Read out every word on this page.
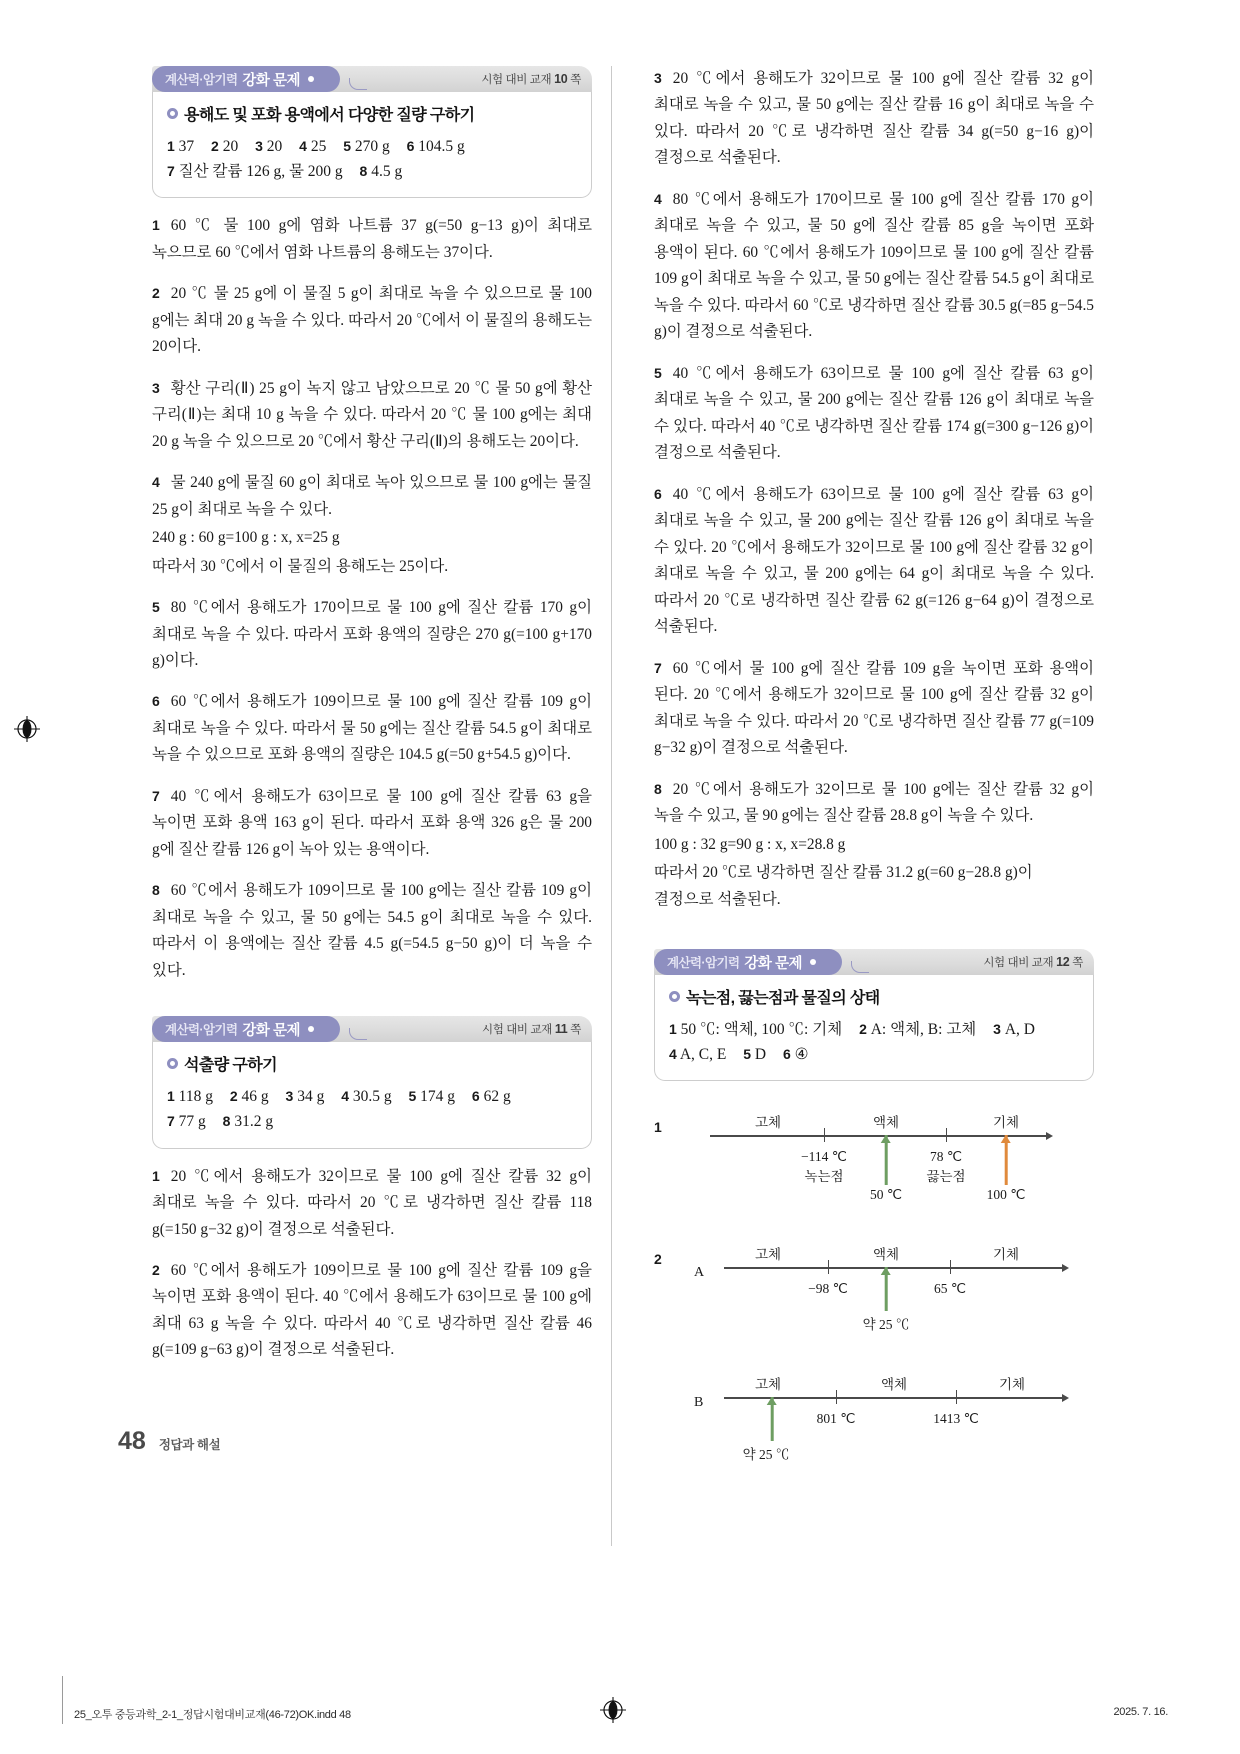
계산력·암기력 강화 문제	시험 대비 교재 10 쪽
용해도 및 포화 용액에서 다양한 질량 구하기
1 37 2 20 3 20 4 25 5 270 g 6 104.5 g
7 질산 칼륨 126 g, 물 200 g 8 4.5 g

1 60 ℃ 물 100 g에 염화 나트륨 37 g(=50 g−13 g)이 최대로 녹으므로 60 ℃에서 염화 나트륨의 용해도는 37이다.

2 20 ℃ 물 25 g에 이 물질 5 g이 최대로 녹을 수 있으므로 물 100 g에는 최대 20 g 녹을 수 있다. 따라서 20 ℃에서 이 물질의 용해도는 20이다.

3 황산 구리(Ⅱ) 25 g이 녹지 않고 남았으므로 20 ℃ 물 50 g에 황산 구리(Ⅱ)는 최대 10 g 녹을 수 있다. 따라서 20 ℃ 물 100 g에는 최대 20 g 녹을 수 있으므로 20 ℃에서 황산 구리(Ⅱ)의 용해도는 20이다.

4 물 240 g에 물질 60 g이 최대로 녹아 있으므로 물 100 g에는 물질 25 g이 최대로 녹을 수 있다.

240 g : 60 g=100 g : x, x=25 g

따라서 30 ℃에서 이 물질의 용해도는 25이다.

5 80 ℃에서 용해도가 170이므로 물 100 g에 질산 칼륨 170 g이 최대로 녹을 수 있다. 따라서 포화 용액의 질량은 270 g(=100 g+170 g)이다.

6 60 ℃에서 용해도가 109이므로 물 100 g에 질산 칼륨 109 g이 최대로 녹을 수 있다. 따라서 물 50 g에는 질산 칼륨 54.5 g이 최대로 녹을 수 있으므로 포화 용액의 질량은 104.5 g(=50 g+54.5 g)이다.

7 40 ℃에서 용해도가 63이므로 물 100 g에 질산 칼륨 63 g을 녹이면 포화 용액 163 g이 된다. 따라서 포화 용액 326 g은 물 200 g에 질산 칼륨 126 g이 녹아 있는 용액이다.

8 60 ℃에서 용해도가 109이므로 물 100 g에는 질산 칼륨 109 g이 최대로 녹을 수 있고, 물 50 g에는 54.5 g이 최대로 녹을 수 있다. 따라서 이 용액에는 질산 칼륨 4.5 g(=54.5 g−50 g)이 더 녹을 수 있다.

계산력·암기력 강화 문제	시험 대비 교재 11 쪽
석출량 구하기
1 118 g 2 46 g 3 34 g 4 30.5 g 5 174 g 6 62 g
7 77 g 8 31.2 g

1 20 ℃에서 용해도가 32이므로 물 100 g에 질산 칼륨 32 g이 최대로 녹을 수 있다. 따라서 20 ℃로 냉각하면 질산 칼륨 118 g(=150 g−32 g)이 결정으로 석출된다.

2 60 ℃에서 용해도가 109이므로 물 100 g에 질산 칼륨 109 g을 녹이면 포화 용액이 된다. 40 ℃에서 용해도가 63이므로 물 100 g에 최대 63 g 녹을 수 있다. 따라서 40 ℃로 냉각하면 질산 칼륨 46 g(=109 g−63 g)이 결정으로 석출된다.

3 20 ℃에서 용해도가 32이므로 물 100 g에 질산 칼륨 32 g이 최대로 녹을 수 있고, 물 50 g에는 질산 칼륨 16 g이 최대로 녹을 수 있다. 따라서 20 ℃로 냉각하면 질산 칼륨 34 g(=50 g−16 g)이 결정으로 석출된다.

4 80 ℃에서 용해도가 170이므로 물 100 g에 질산 칼륨 170 g이 최대로 녹을 수 있고, 물 50 g에 질산 칼륨 85 g을 녹이면 포화 용액이 된다. 60 ℃에서 용해도가 109이므로 물 100 g에 질산 칼륨 109 g이 최대로 녹을 수 있고, 물 50 g에는 질산 칼륨 54.5 g이 최대로 녹을 수 있다. 따라서 60 ℃로 냉각하면 질산 칼륨 30.5 g(=85 g−54.5 g)이 결정으로 석출된다.

5 40 ℃에서 용해도가 63이므로 물 100 g에 질산 칼륨 63 g이 최대로 녹을 수 있고, 물 200 g에는 질산 칼륨 126 g이 최대로 녹을 수 있다. 따라서 40 ℃로 냉각하면 질산 칼륨 174 g(=300 g−126 g)이 결정으로 석출된다.

6 40 ℃에서 용해도가 63이므로 물 100 g에 질산 칼륨 63 g이 최대로 녹을 수 있고, 물 200 g에는 질산 칼륨 126 g이 최대로 녹을 수 있다. 20 ℃에서 용해도가 32이므로 물 100 g에 질산 칼륨 32 g이 최대로 녹을 수 있고, 물 200 g에는 64 g이 최대로 녹을 수 있다. 따라서 20 ℃로 냉각하면 질산 칼륨 62 g(=126 g−64 g)이 결정으로 석출된다.

7 60 ℃에서 물 100 g에 질산 칼륨 109 g을 녹이면 포화 용액이 된다. 20 ℃에서 용해도가 32이므로 물 100 g에 질산 칼륨 32 g이 최대로 녹을 수 있다. 따라서 20 ℃로 냉각하면 질산 칼륨 77 g(=109 g−32 g)이 결정으로 석출된다.

8 20 ℃에서 용해도가 32이므로 물 100 g에는 질산 칼륨 32 g이 녹을 수 있고, 물 90 g에는 질산 칼륨 28.8 g이 녹을 수 있다.

100 g : 32 g=90 g : x, x=28.8 g

따라서 20 ℃로 냉각하면 질산 칼륨 31.2 g(=60 g−28.8 g)이 결정으로 석출된다.

계산력·암기력 강화 문제	시험 대비 교재 12 쪽
녹는점, 끓는점과 물질의 상태
1 50 ℃: 액체, 100 ℃: 기체 2 A: 액체, B: 고체 3 A, D
4 A, C, E 5 D 6 ④
1	고체	액체	기체
−114 ℃
녹는점
78 ℃
끓는점
50 ℃	100 ℃
2
A
고체	액체	기체
−98 ℃	65 ℃
약 25 ℃
B
고체	액체	기체
801 ℃	1413 ℃
약 25 ℃
48 정답과 해설
25_오투 중등과학_2-1_정답시험대비교재(46-72)OK.indd 48	2025. 7. 16.
